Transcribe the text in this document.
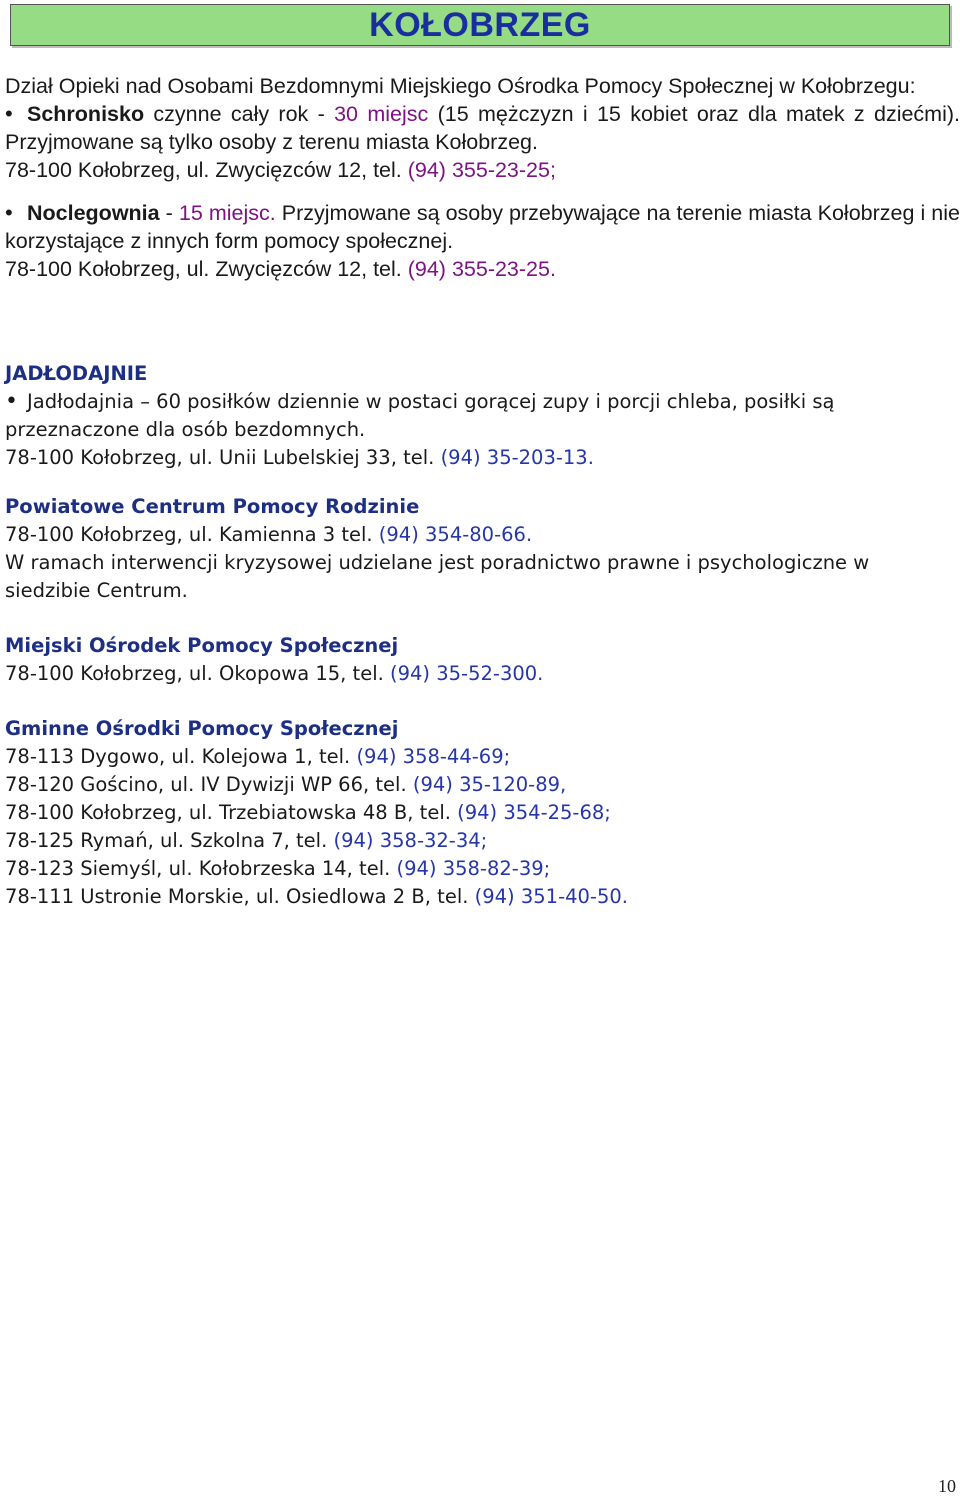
KOŁOBRZEG

Dział Opieki nad Osobami Bezdomnymi Miejskiego Ośrodka Pomocy Społecznej w Kołobrzegu:

•Schronisko czynne cały rok - 30 miejsc (15 mężczyzn i 15 kobiet oraz dla matek z dziećmi). Przyjmowane są tylko osoby z terenu miasta Kołobrzeg.

78-100 Kołobrzeg, ul. Zwycięzców 12, tel. (94) 355-23-25;

•Noclegownia - 15 miejsc. Przyjmowane są osoby przebywające na terenie miasta Kołobrzeg i nie korzystające z innych form pomocy społecznej.

78-100 Kołobrzeg, ul. Zwycięzców 12, tel. (94) 355-23-25.

JADŁODAJNIE

•Jadłodajnia – 60 posiłków dziennie w postaci gorącej zupy i porcji chleba, posiłki są przeznaczone dla osób bezdomnych.

78-100 Kołobrzeg, ul. Unii Lubelskiej 33, tel. (94) 35-203-13.

Powiatowe Centrum Pomocy Rodzinie

78-100 Kołobrzeg, ul. Kamienna 3 tel. (94) 354-80-66.

W ramach interwencji kryzysowej udzielane jest poradnictwo prawne i psychologiczne w siedzibie Centrum.

Miejski Ośrodek Pomocy Społecznej

78-100 Kołobrzeg, ul. Okopowa 15, tel. (94) 35-52-300.

Gminne Ośrodki Pomocy Społecznej

78-113 Dygowo, ul. Kolejowa 1, tel. (94) 358-44-69;

78-120 Gościno, ul. IV Dywizji WP 66, tel. (94) 35-120-89,

78-100 Kołobrzeg, ul. Trzebiatowska 48 B, tel. (94) 354-25-68;

78-125 Rymań, ul. Szkolna 7, tel. (94) 358-32-34;

78-123 Siemyśl, ul. Kołobrzeska 14, tel. (94) 358-82-39;

78-111 Ustronie Morskie, ul. Osiedlowa 2 B, tel. (94) 351-40-50.

10
